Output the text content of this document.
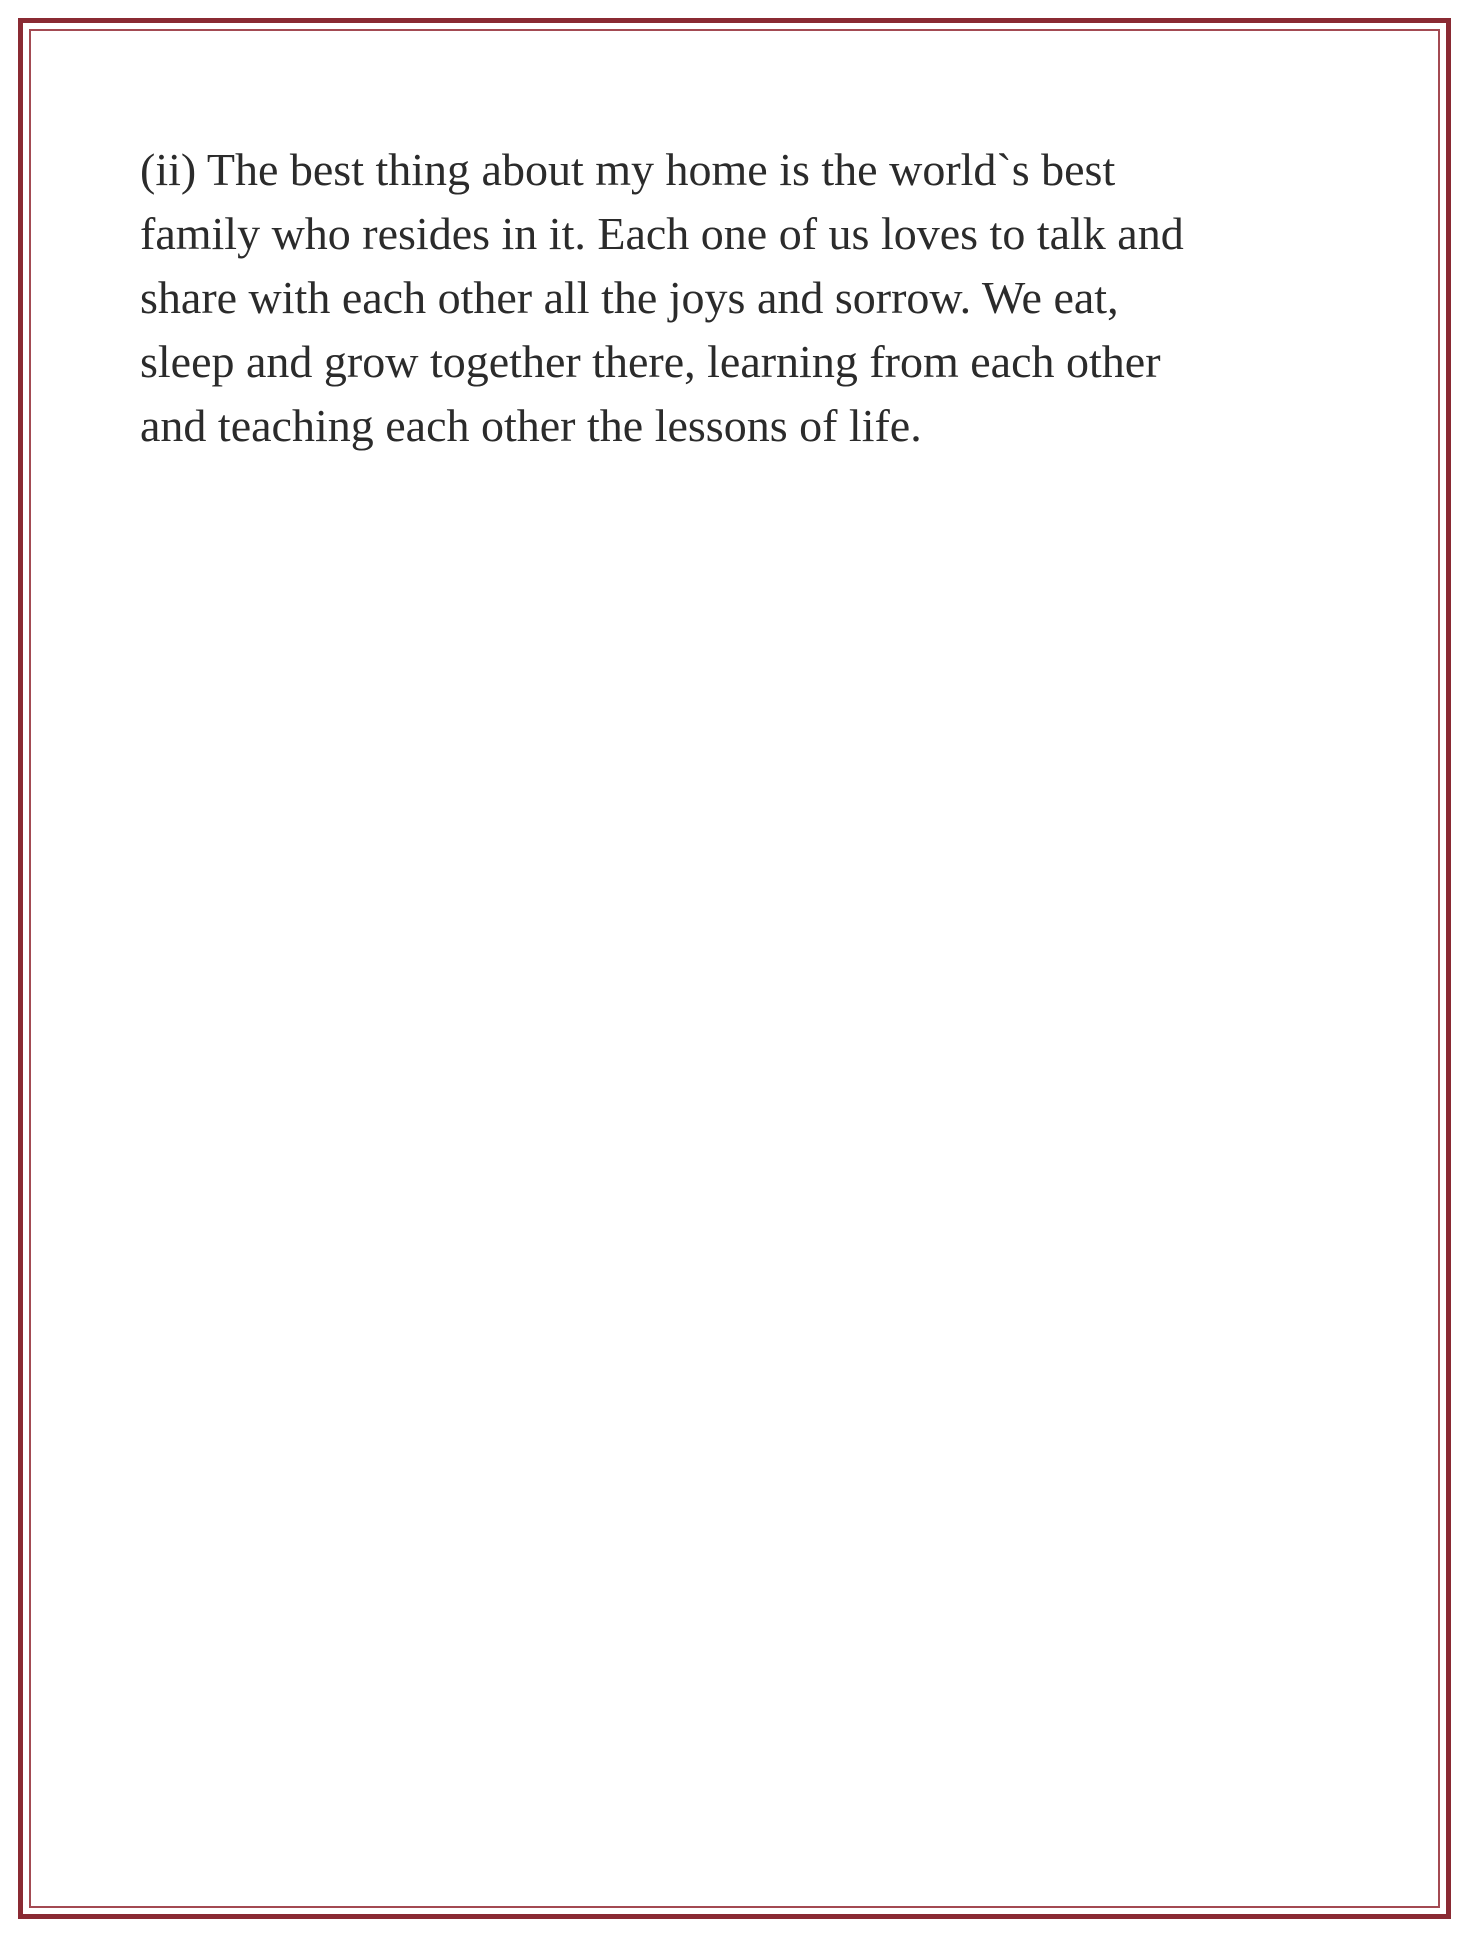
(ii) The best thing about my home is the world`s best
family who resides in it. Each one of us loves to talk and
share with each other all the joys and sorrow. We eat,
sleep and grow together there, learning from each other
and teaching each other the lessons of life.
